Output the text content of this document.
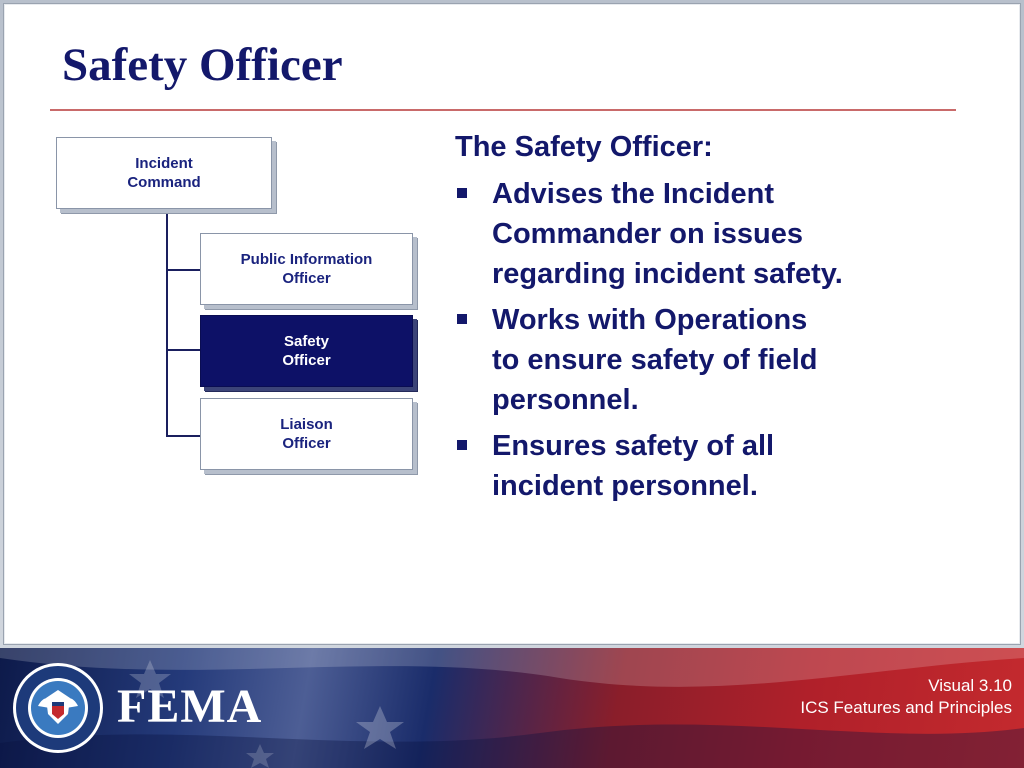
Safety Officer
Incident
Command
Public Information
Officer
Safety
Officer
Liaison
Officer

The Safety Officer:

Advises the Incident
Commander on issues
regarding incident safety.
Works with Operations
to ensure safety of field
personnel.
Ensures safety of all
incident personnel.
FEMA	Visual 3.10
ICS Features and Principles
